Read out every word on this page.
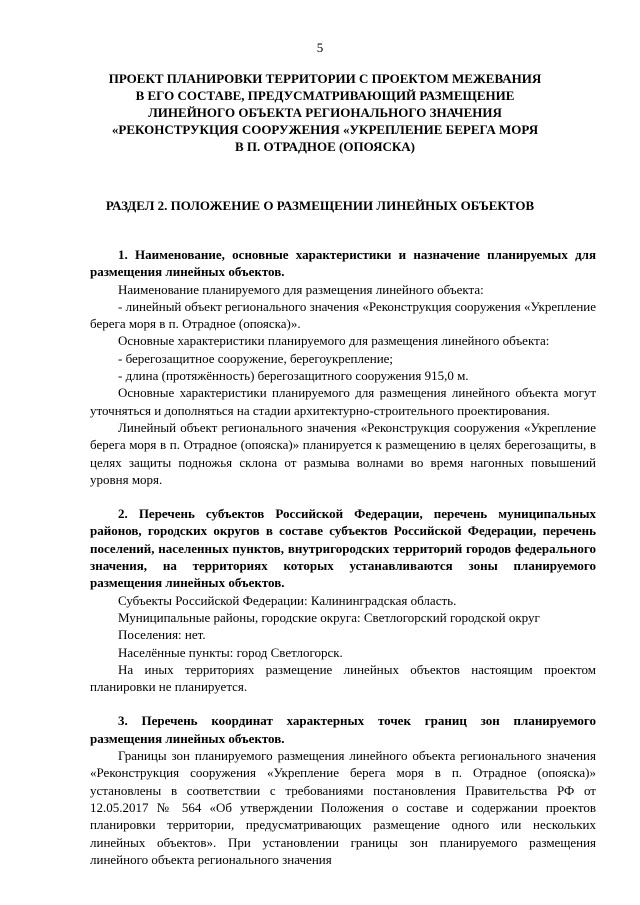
5
ПРОЕКТ ПЛАНИРОВКИ ТЕРРИТОРИИ С ПРОЕКТОМ МЕЖЕВАНИЯ
В ЕГО СОСТАВЕ, ПРЕДУСМАТРИВАЮЩИЙ РАЗМЕЩЕНИЕ
ЛИНЕЙНОГО ОБЪЕКТА РЕГИОНАЛЬНОГО ЗНАЧЕНИЯ
«РЕКОНСТРУКЦИЯ СООРУЖЕНИЯ «УКРЕПЛЕНИЕ БЕРЕГА МОРЯ
В П. ОТРАДНОЕ (ОПОЯСКА)
РАЗДЕЛ 2. ПОЛОЖЕНИЕ О РАЗМЕЩЕНИИ ЛИНЕЙНЫХ ОБЪЕКТОВ

1. Наименование, основные характеристики и назначение планируемых для размещения линейных объектов.

Наименование планируемого для размещения линейного объекта:

- линейный объект регионального значения «Реконструкция сооружения «Укрепление берега моря в п. Отрадное (опояска)».

Основные характеристики планируемого для размещения линейного объекта:

- берегозащитное сооружение, берегоукрепление;

- длина (протяжённость) берегозащитного сооружения 915,0 м.

Основные характеристики планируемого для размещения линейного объекта могут уточняться и дополняться на стадии архитектурно-строительного проектирования.

Линейный объект регионального значения «Реконструкция сооружения «Укрепление берега моря в п. Отрадное (опояска)» планируется к размещению в целях берегозащиты, в целях защиты подножья склона от размыва волнами во время нагонных повышений уровня моря.

2. Перечень субъектов Российской Федерации, перечень муниципальных районов, городских округов в составе субъектов Российской Федерации, перечень поселений, населенных пунктов, внутригородских территорий городов федерального значения, на территориях которых устанавливаются зоны планируемого размещения линейных объектов.

Субъекты Российской Федерации: Калининградская область.

Муниципальные районы, городские округа: Светлогорский городской округ

Поселения: нет.

Населённые пункты: город Светлогорск.

На иных территориях размещение линейных объектов настоящим проектом планировки не планируется.

3. Перечень координат характерных точек границ зон планируемого размещения линейных объектов.

Границы зон планируемого размещения линейного объекта регионального значения «Реконструкция сооружения «Укрепление берега моря в п. Отрадное (опояска)» установлены в соответствии с требованиями постановления Правительства РФ от 12.05.2017 № 564 «Об утверждении Положения о составе и содержании проектов планировки территории, предусматривающих размещение одного или нескольких линейных объектов». При установлении границы зон планируемого размещения линейного объекта регионального значения
